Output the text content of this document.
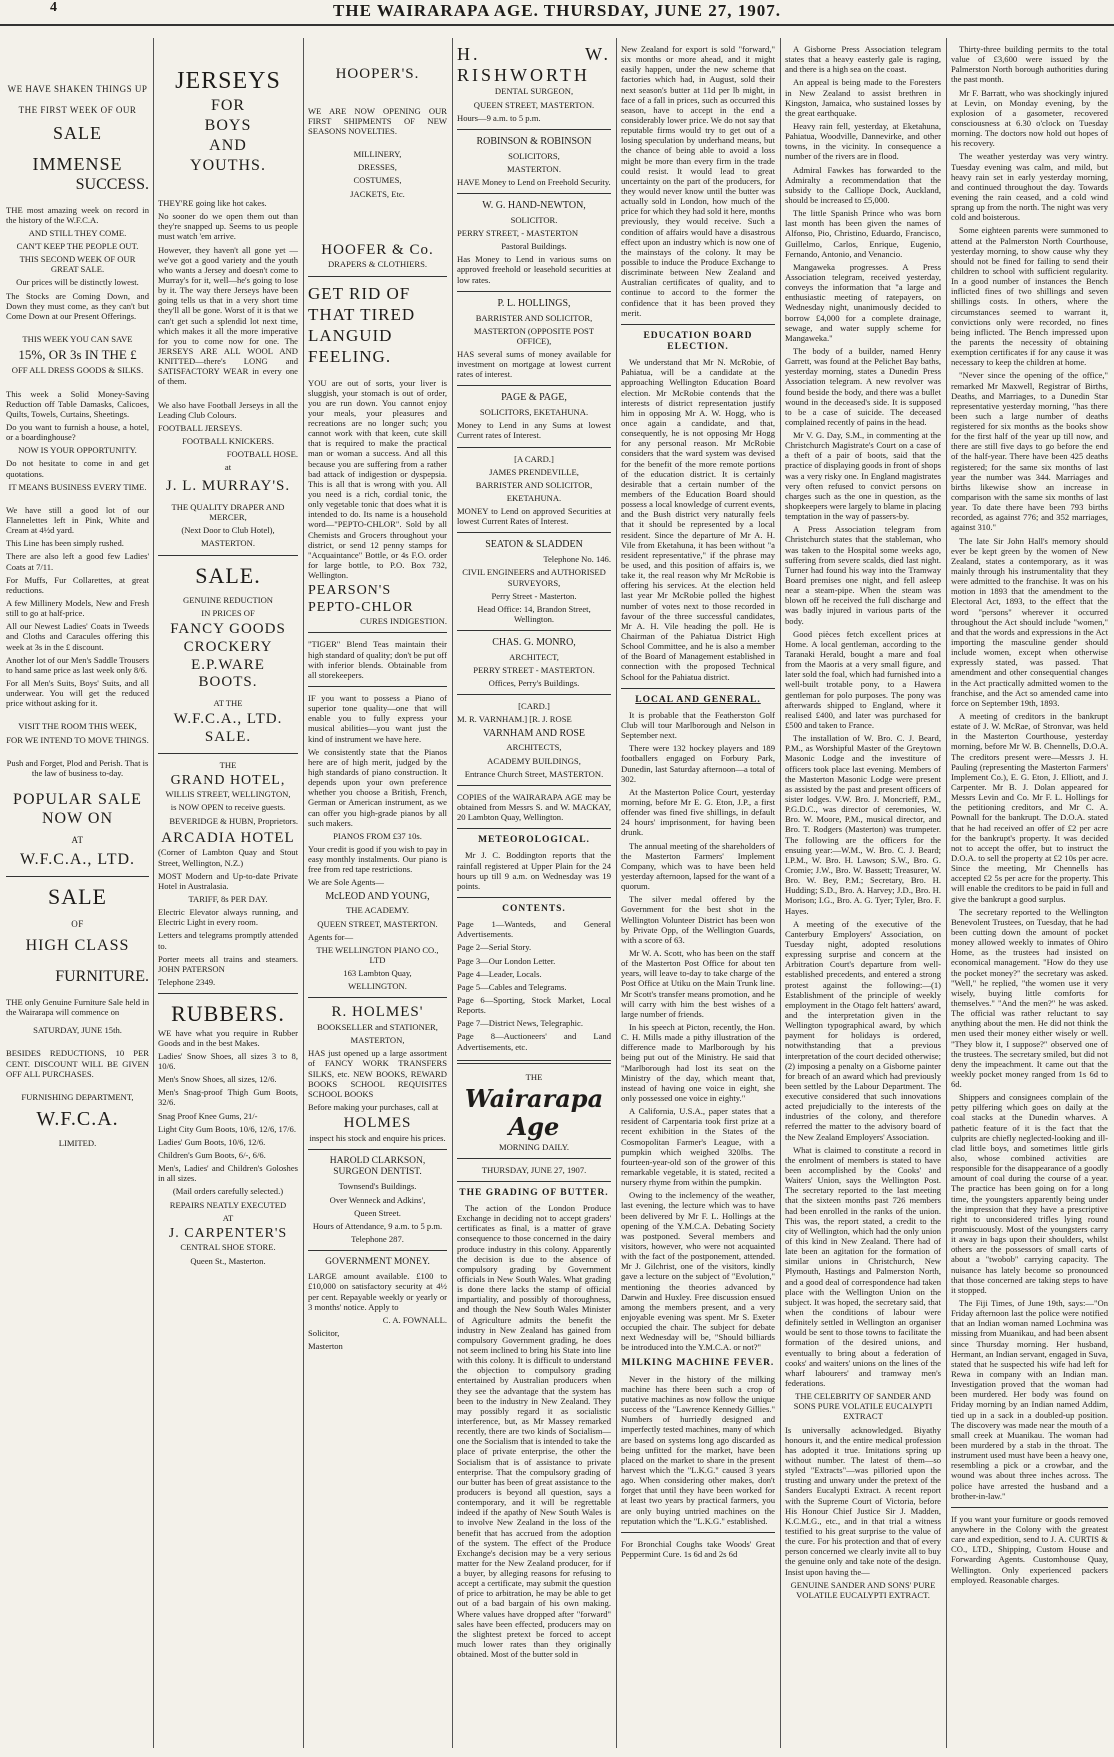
4	THE WAIRARAPA AGE. THURSDAY, JUNE 27, 1907.
WE HAVE SHAKEN THINGS UP
THE FIRST WEEK OF OUR
SALE
IMMENSE
SUCCESS.

THE most amazing week on record in the history of the W.F.C.A.

AND STILL THEY COME.

CAN'T KEEP THE PEOPLE OUT.

THIS SECOND WEEK OF OUR GREAT SALE.

Our prices will be distinctly lowest.

The Stocks are Coming Down, and Down they must come, as they can't but Come Down at our Present Offerings.

THIS WEEK YOU CAN SAVE

15%, OR 3s IN THE £

OFF ALL DRESS GOODS & SILKS.

This week a Solid Money-Saving Reduction off Table Damasks, Calicoes, Quilts, Towels, Curtains, Sheetings.

Do you want to furnish a house, a hotel, or a boardinghouse?

NOW IS YOUR OPPORTUNITY.

Do not hesitate to come in and get quotations.

IT MEANS BUSINESS EVERY TIME.

We have still a good lot of our Flannelettes left in Pink, White and Cream at 4½d yard.

This Line has been simply rushed.

There are also left a good few Ladies' Coats at 7/11.

For Muffs, Fur Collarettes, at great reductions.

A few Millinery Models, New and Fresh still to go at half-price.

All our Newest Ladies' Coats in Tweeds and Cloths and Caracules offering this week at 3s in the £ discount.

Another lot of our Men's Saddle Trousers to hand same price as last week only 8/6.

For all Men's Suits, Boys' Suits, and all underwear. You will get the reduced price without asking for it.

VISIT THE ROOM THIS WEEK,

FOR WE INTEND TO MOVE THINGS.

Push and Forget, Plod and Perish. That is the law of business to-day.

POPULAR SALE
NOW ON
AT
W.F.C.A., LTD.
SALE
OF
HIGH CLASS
FURNITURE.

THE only Genuine Furniture Sale held in the Wairarapa will commence on

SATURDAY, JUNE 15th.

BESIDES REDUCTIONS, 10 PER CENT. DISCOUNT WILL BE GIVEN OFF ALL PURCHASES.

FURNISHING DEPARTMENT,

W.F.C.A.

LIMITED.

JERSEYS
FOR
BOYS
AND
YOUTHS.

THEY'RE going like hot cakes.

No sooner do we open them out than they're snapped up. Seems to us people must watch 'em arrive.

However, they haven't all gone yet —we've got a good variety and the youth who wants a Jersey and doesn't come to Murray's for it, well—he's going to lose by it. The way there Jerseys have been going tells us that in a very short time they'll all be gone. Worst of it is that we can't get such a splendid lot next time, which makes it all the more imperative for you to come now for one. The JERSEYS ARE ALL WOOL AND KNITTED—there's LONG and SATISFACTORY WEAR in every one of them.

We also have Football Jerseys in all the Leading Club Colours.

FOOTBALL JERSEYS.

FOOTBALL KNICKERS.

FOOTBALL HOSE.

at

J. L. MURRAY'S.

THE QUALITY DRAPER AND MERCER,

(Next Door to Club Hotel),

MASTERTON.

SALE.

GENUINE REDUCTION

IN PRICES OF

FANCY GOODS
CROCKERY
E.P.WARE
BOOTS.

AT THE

W.F.C.A., LTD.
SALE.

THE

GRAND HOTEL,

WILLIS STREET, WELLINGTON,

is NOW OPEN to receive guests.

BEVERIDGE & HUBN, Proprietors.

ARCADIA HOTEL

(Corner of Lambton Quay and Stout Street, Wellington, N.Z.)

MOST Modern and Up-to-date Private Hotel in Australasia.

TARIFF, 8s PER DAY.

Electric Elevator always running, and Electric Light in every room.

Letters and telegrams promptly attended to.

Porter meets all trains and steamers. JOHN PATERSON

Telephone 2349.

RUBBERS.

WE have what you require in Rubber Goods and in the best Makes.

Ladies' Snow Shoes, all sizes 3 to 8, 10/6.

Men's Snow Shoes, all sizes, 12/6.

Men's Snag-proof Thigh Gum Boots, 32/6.

Snag Proof Knee Gums, 21/-

Light City Gum Boots, 10/6, 12/6, 17/6.

Ladies' Gum Boots, 10/6, 12/6.

Children's Gum Boots, 6/-, 6/6.

Men's, Ladies' and Children's Goloshes in all sizes.

(Mail orders carefully selected.)

REPAIRS NEATLY EXECUTED

AT

J. CARPENTER'S

CENTRAL SHOE STORE.

Queen St., Masterton.

HOOPER'S.

WE ARE NOW OPENING OUR FIRST SHIPMENTS OF NEW SEASONS NOVELTIES.

MILLINERY,

DRESSES,

COSTUMES,

JACKETS, Etc.

HOOFER & Co.

DRAPERS & CLOTHIERS.

GET RID OF
THAT TIRED
LANGUID
FEELING.

YOU are out of sorts, your liver is sluggish, your stomach is out of order, you are run down. You cannot enjoy your meals, your pleasures and recreations are no longer such; you cannot work with that keen, cute skill that is required to make the practical man or woman a success. And all this because you are suffering from a rather bad attack of indigestion or dyspepsia. This is all that is wrong with you. All you need is a rich, cordial tonic, the only vegetable tonic that does what it is intended to do. Its name is a household word—"PEPTO-CHLOR". Sold by all Chemists and Grocers throughout your district, or send 12 penny stamps for "Acquaintance" Bottle, or 4s F.O. order for large bottle, to P.O. Box 732, Wellington.

PEARSON'S
PEPTO-CHLOR

CURES INDIGESTION.

"TIGER" Blend Teas maintain their high standard of quality; don't be put off with inferior blends. Obtainable from all storekeepers.

IF you want to possess a Piano of superior tone quality—one that will enable you to fully express your musical abilities—you want just the kind of instrument we have here.

We consistently state that the Pianos here are of high merit, judged by the high standards of piano construction. It depends upon your own preference whether you choose a British, French, German or American instrument, as we can offer you high-grade pianos by all such makers.

PIANOS FROM £37 10s.

Your credit is good if you wish to pay in easy monthly instalments. Our piano is free from red tape restrictions.

We are Sole Agents—

McLEOD AND YOUNG,

THE ACADEMY.

QUEEN STREET, MASTERTON.

Agents for—

THE WELLINGTON PIANO CO., LTD

163 Lambton Quay,

WELLINGTON.

R. HOLMES'

BOOKSELLER and STATIONER,

MASTERTON,

HAS just opened up a large assortment of FANCY WORK TRANSFERS SILKS, etc. NEW BOOKS, REWARD BOOKS SCHOOL REQUISITES SCHOOL BOOKS

Before making your purchases, call at

HOLMES

inspect his stock and enquire his prices.

HAROLD CLARKSON, SURGEON DENTIST.

Townsend's Buildings.

Over Wenneck and Adkins',

Queen Street.

Hours of Attendance, 9 a.m. to 5 p.m.

Telephone 287.

GOVERNMENT MONEY.

LARGE amount available. £100 to £10,000 on satisfactory security at 4½ per cent. Repayable weekly or yearly or 3 months' notice. Apply to

C. A. FOWNALL.

Solicitor,

Masterton

H. W. RISHWORTH

DENTAL SURGEON,

QUEEN STREET, MASTERTON.

Hours—9 a.m. to 5 p.m.

ROBINSON & ROBINSON

SOLICITORS,

MASTERTON.

HAVE Money to Lend on Freehold Security.

W. G. HAND-NEWTON,

SOLICITOR.

PERRY STREET, - MASTERTON

Pastoral Buildings.

Has Money to Lend in various sums on approved freehold or leasehold securities at low rates.

P. L. HOLLINGS,

BARRISTER AND SOLICITOR,

MASTERTON (OPPOSITE POST OFFICE),

HAS several sums of money available for investment on mortgage at lowest current rates of interest.

PAGE & PAGE,

SOLICITORS, EKETAHUNA.

Money to Lend in any Sums at lowest Current rates of Interest.

[A CARD.]

JAMES PRENDEVILLE,

BARRISTER AND SOLICITOR,

EKETAHUNA.

MONEY to Lend on approved Securities at lowest Current Rates of Interest.

SEATON & SLADDEN

Telephone No. 146.

CIVIL ENGINEERS and AUTHORISED SURVEYORS,

Perry Street - Masterton.

Head Office: 14, Brandon Street, Wellington.

CHAS. G. MONRO,

ARCHITECT,

PERRY STREET - MASTERTON.

Offices, Perry's Buildings.

[CARD.]

M. R. VARNHAM.] [R. J. ROSE

VARNHAM AND ROSE

ARCHITECTS,

ACADEMY BUILDINGS,

Entrance Church Street, MASTERTON.

COPIES of the WAIRARAPA AGE may be obtained from Messrs S. and W. MACKAY, 20 Lambton Quay, Wellington.

METEOROLOGICAL.

Mr J. C. Boddington reports that the rainfall registered at Upper Plain for the 24 hours up till 9 a.m. on Wednesday was 19 points.

CONTENTS.

Page 1—Wanteds, and General Advertisements.

Page 2—Serial Story.

Page 3—Our London Letter.

Page 4—Leader, Locals.

Page 5—Cables and Telegrams.

Page 6—Sporting, Stock Market, Local Reports.

Page 7—District News, Telegraphic.

Page 8—Auctioneers' and Land Advertisements, etc.

THE

Wairarapa Age

MORNING DAILY.

THURSDAY, JUNE 27, 1907.

THE GRADING OF BUTTER.

The action of the London Produce Exchange in deciding not to accept graders' certificates as final, is a matter of grave consequence to those concerned in the dairy produce industry in this colony. Apparently the decision is due to the absence of compulsory grading by Government officials in New South Wales. What grading is done there lacks the stamp of official impartiality, and possibly of thoroughness, and though the New South Wales Minister of Agriculture admits the benefit the industry in New Zealand has gained from compulsory Government grading, he does not seem inclined to bring his State into line with this colony. It is difficult to understand the objection to compulsory grading entertained by Australian producers when they see the advantage that the system has been to the industry in New Zealand. They may possibly regard it as socialistic interference, but, as Mr Massey remarked recently, there are two kinds of Socialism—one the Socialism that is intended to take the place of private enterprise, the other the Socialism that is of assistance to private enterprise. That the compulsory grading of our butter has been of great assistance to the producers is beyond all question, says a contemporary, and it will be regrettable indeed if the apathy of New South Wales is to involve New Zealand in the loss of the benefit that has accrued from the adoption of the system. The effect of the Produce Exchange's decision may be a very serious matter for the New Zealand producer, for if a buyer, by alleging reasons for refusing to accept a certificate, may submit the question of price to arbitration, he may be able to get out of a bad bargain of his own making. Where values have dropped after "forward" sales have been effected, producers may on the slightest pretext be forced to accept much lower rates than they originally obtained. Most of the butter sold in

New Zealand for export is sold "forward," six months or more ahead, and it might easily happen, under the new scheme that factories which had, in August, sold their next season's butter at 11d per lb might, in face of a fall in prices, such as occurred this season, have to accept in the end a considerably lower price. We do not say that reputable firms would try to get out of a losing speculation by underhand means, but the chance of being able to avoid a loss might be more than every firm in the trade could resist. It would lead to great uncertainty on the part of the producers, for they would never know until the butter was actually sold in London, how much of the price for which they had sold it here, months previously, they would receive. Such a condition of affairs would have a disastrous effect upon an industry which is now one of the mainstays of the colony. It may be possible to induce the Produce Exchange to discriminate between New Zealand and Australian certificates of quality, and to continue to accord to the former the confidence that it has been proved they merit.

EDUCATION BOARD ELECTION.

We understand that Mr N. McRobie, of Pahiatua, will be a candidate at the approaching Wellington Education Board election. Mr McRobie contends that the interests of district representation justify him in opposing Mr A. W. Hogg, who is once again a candidate, and that, consequently, he is not opposing Mr Hogg for any personal reason. Mr McRobie considers that the ward system was devised for the benefit of the more remote portions of the education district. It is certainly desirable that a certain number of the members of the Education Board should possess a local knowledge of current events, and the Bush district very naturally feels that it should be represented by a local resident. Since the departure of Mr A. H. Vile from Eketahuna, it has been without "a resident representative," if the phrase may be used, and this position of affairs is, we take it, the real reason why Mr McRobie is offering his services. At the election held last year Mr McRobie polled the highest number of votes next to those recorded in favour of the three successful candidates, Mr A. H. Vile heading the poll. He is Chairman of the Pahiatua District High School Committee, and he is also a member of the Board of Management established in connection with the proposed Technical School for the Pahiatua district.

LOCAL AND GENERAL.

It is probable that the Featherston Golf Club will tour Marlborough and Nelson in September next.

There were 132 hockey players and 189 footballers engaged on Forbury Park, Dunedin, last Saturday afternoon—a total of 302.

At the Masterton Police Court, yesterday morning, before Mr E. G. Eton, J.P., a first offender was fined five shillings, in default 24 hours' imprisonment, for having been drunk.

The annual meeting of the shareholders of the Masterton Farmers' Implement Company, which was to have been held yesterday afternoon, lapsed for the want of a quorum.

The silver medal offered by the Government for the best shot in the Wellington Volunteer District has been won by Private Opp, of the Wellington Guards, with a score of 63.

Mr W. A. Scott, who has been on the staff of the Masterton Post Office for about ten years, will leave to-day to take charge of the Post Office at Utiku on the Main Trunk line. Mr Scott's transfer means promotion, and he will carry with him the best wishes of a large number of friends.

In his speech at Picton, recently, the Hon. C. H. Mills made a pithy illustration of the difference made to Marlborough by his being put out of the Ministry. He said that "Marlborough had lost its seat on the Ministry of the day, which meant that, instead of having one voice in eight, she only possessed one voice in eighty."

A California, U.S.A., paper states that a resident of Carpentaria took first prize at a recent exhibition in the States of the Cosmopolitan Farmer's League, with a pumpkin which weighed 320lbs. The fourteen-year-old son of the grower of this remarkable vegetable, it is stated, recited a nursery rhyme from within the pumpkin.

Owing to the inclemency of the weather, last evening, the lecture which was to have been delivered by Mr F. L. Hollings at the opening of the Y.M.C.A. Debating Society was postponed. Several members and visitors, however, who were not acquainted with the fact of the postponement, attended. Mr J. Gilchrist, one of the visitors, kindly gave a lecture on the subject of "Evolution," mentioning the theories advanced by Darwin and Huxley. Free discussion ensued among the members present, and a very enjoyable evening was spent. Mr S. Exeter occupied the chair. The subject for debate next Wednesday will be, "Should billiards be introduced into the Y.M.C.A. or not?"

MILKING MACHINE FEVER.

Never in the history of the milking machine has there been such a crop of putative machines as now follow the unique success of the "Lawrence Kennedy Gillies." Numbers of hurriedly designed and imperfectly tested machines, many of which are based on systems long ago discarded as being unfitted for the market, have been placed on the market to share in the present harvest which the "L.K.G." caused 3 years ago. When considering other makes, don't forget that until they have been worked for at least two years by practical farmers, you are only buying untried machines on the reputation which the "L.K.G." established.

For Bronchial Coughs take Woods' Great Peppermint Cure. 1s 6d and 2s 6d

A Gisborne Press Association telegram states that a heavy easterly gale is raging, and there is a high sea on the coast.

An appeal is being made to the Foresters in New Zealand to assist brethren in Kingston, Jamaica, who sustained losses by the great earthquake.

Heavy rain fell, yesterday, at Eketahuna, Pahiatua, Woodville, Dannevirke, and other towns, in the vicinity. In consequence a number of the rivers are in flood.

Admiral Fawkes has forwarded to the Admiralty a recommendation that the subsidy to the Calliope Dock, Auckland, should be increased to £5,000.

The little Spanish Prince who was born last month has been given the names of Alfonso, Pio, Christino, Eduardo, Francisco, Guillelmo, Carlos, Enrique, Eugenio, Fernando, Antonio, and Venancio.

Mangaweka progresses. A Press Association telegram, received yesterday, conveys the information that "a large and enthusiastic meeting of ratepayers, on Wednesday night, unanimously decided to borrow £4,000 for a complete drainage, sewage, and water supply scheme for Mangaweka."

The body of a builder, named Henry Garrett, was found at the Pelichet Bay baths, yesterday morning, states a Dunedin Press Association telegram. A new revolver was found beside the body, and there was a bullet wound in the deceased's side. It is supposed to be a case of suicide. The deceased complained recently of pains in the head.

Mr V. G. Day, S.M., in commenting at the Christchurch Magistrate's Court on a case of a theft of a pair of boots, said that the practice of displaying goods in front of shops was a very risky one. In England magistrates very often refused to convict persons on charges such as the one in question, as the shopkeepers were largely to blame in placing temptation in the way of passers-by.

A Press Association telegram from Christchurch states that the stableman, who was taken to the Hospital some weeks ago, suffering from severe scalds, died last night. Turner had found his way into the Tramway Board premises one night, and fell asleep near a steam-pipe. When the steam was blown off he received the full discharge and was badly injured in various parts of the body.

Good pièces fetch excellent prices at Home. A local gentleman, according to the Taranaki Herald, bought a mare and foal from the Maoris at a very small figure, and later sold the foal, which had furnished into a well-built trotable pony, to a Hawera gentleman for polo purposes. The pony was afterwards shipped to England, where it realised £400, and later was purchased for £500 and taken to France.

The installation of W. Bro. C. J. Beard, P.M., as Worshipful Master of the Greytown Masonic Lodge and the investiture of officers took place last evening. Members of the Masterton Masonic Lodge were present as assisted by the past and present officers of sister lodges. V.W. Bro. J. Moncrieff, P.M., P.G.D.C., was director of ceremonies, W. Bro. W. Moore, P.M., musical director, and Bro. T. Rodgers (Masterton) was trumpeter. The following are the officers for the ensuing year:—W.M., W. Bro. C. J. Beard; I.P.M., W. Bro. H. Lawson; S.W., Bro. G. Cromie; J.W., Bro. W. Bassett; Treasurer, W. Bro. W. Bey, P.M.; Secretary, Bro. H. Hudding; S.D., Bro. A. Harvey; J.D., Bro. H. Morison; I.G., Bro. A. G. Tyer; Tyler, Bro. F. Hayes.

A meeting of the executive of the Canterbury Employers' Association, on Tuesday night, adopted resolutions expressing surprise and concern at the Arbitration Court's departure from well-established precedents, and entered a strong protest against the following:—(1) Establishment of the principle of weekly employment in the Otago felt hatters' award, and the interpretation given in the Wellington typographical award, by which payment for holidays is ordered, notwithstanding that a previous interpretation of the court decided otherwise; (2) imposing a penalty on a Gisborne painter for breach of an award which had previously been settled by the Labour Department. The executive considered that such innovations acted prejudicially to the interests of the industries of the colony, and therefore referred the matter to the advisory board of the New Zealand Employers' Association.

What is claimed to constitute a record in the enrolment of members is stated to have been accomplished by the Cooks' and Waiters' Union, says the Wellington Post. The secretary reported to the last meeting that the sixteen months past 726 members had been enrolled in the ranks of the union. This was, the report stated, a credit to the city of Wellington, which had the only union of this kind in New Zealand. There had of late been an agitation for the formation of similar unions in Christchurch, New Plymouth, Hastings and Palmerston North, and a good deal of correspondence had taken place with the Wellington Union on the subject. It was hoped, the secretary said, that when the conditions of labour were definitely settled in Wellington an organiser would be sent to those towns to facilitate the formation of the desired unions, and eventually to bring about a federation of cooks' and waiters' unions on the lines of the wharf labourers' and tramway men's federations.

THE CELEBRITY OF SANDER AND SONS PURE VOLATILE EUCALYPTI EXTRACT

Is universally acknowledged. Biyathy honours it, and the entire medical profession has adopted it true. Imitations spring up without number. The latest of them—so styled "Extracts"—was pilloried upon the trusting and unwary under the pretext of the Sanders Eucalypti Extract. A recent report with the Supreme Court of Victoria, before His Honour Chief Justice Sir J. Madden, K.C.M.G., etc., and in that trial a witness testified to his great surprise to the value of the cure. For his protection and that of every person concerned we clearly invite all to buy the genuine only and take note of the design. Insist upon having the—

GENUINE SANDER AND SONS' PURE VOLATILE EUCALYPTI EXTRACT.

Thirty-three building permits to the total value of £3,600 were issued by the Palmerston North borough authorities during the past month.

Mr F. Barratt, who was shockingly injured at Levin, on Monday evening, by the explosion of a gasometer, recovered consciousness at 6.30 o'clock on Tuesday morning. The doctors now hold out hopes of his recovery.

The weather yesterday was very wintry. Tuesday evening was calm, and mild, but heavy rain set in early yesterday morning, and continued throughout the day. Towards evening the rain ceased, and a cold wind sprang up from the north. The night was very cold and boisterous.

Some eighteen parents were summoned to attend at the Palmerston North Courthouse, yesterday morning, to show cause why they should not be fined for failing to send their children to school with sufficient regularity. In a good number of instances the Bench inflicted fines of two shillings and seven shillings costs. In others, where the circumstances seemed to warrant it, convictions only were recorded, no fines being inflicted. The Bench impressed upon the parents the necessity of obtaining exemption certificates if for any cause it was necessary to keep the children at home.

"Never since the opening of the office," remarked Mr Maxwell, Registrar of Births, Deaths, and Marriages, to a Dunedin Star representative yesterday morning, "has there been such a large number of deaths registered for six months as the books show for the first half of the year up till now, and there are still five days to go before the end of the half-year. There have been 425 deaths registered; for the same six months of last year the number was 344. Marriages and births likewise show an increase in comparison with the same six months of last year. To date there have been 793 births recorded, as against 776; and 352 marriages, against 310."

The late Sir John Hall's memory should ever be kept green by the women of New Zealand, states a contemporary, as it was mainly through his instrumentality that they were admitted to the franchise. It was on his motion in 1893 that the amendment to the Electoral Act, 1893, to the effect that the word "persons" wherever it occurred throughout the Act should include "women," and that the words and expressions in the Act importing the masculine gender should include women, except when otherwise expressly stated, was passed. That amendment and other consequential changes in the Act practically admitted women to the franchise, and the Act so amended came into force on September 19th, 1893.

A meeting of creditors in the bankrupt estate of J. W. McRae, of Stronvar, was held in the Masterton Courthouse, yesterday morning, before Mr W. B. Chennells, D.O.A. The creditors present were—Messrs J. H. Pauling (representing the Masterton Farmers' Implement Co.), E. G. Eton, J. Elliott, and J. Carpenter. Mr B. J. Dolan appeared for Messrs Levin and Co. Mr F. L. Hollings for the petitioning creditors, and Mr C. A. Pownall for the bankrupt. The D.O.A. stated that he had received an offer of £2 per acre for the bankrupt's property. It was decided not to accept the offer, but to instruct the D.O.A. to sell the property at £2 10s per acre. Since the meeting, Mr Chennells has accepted £2 5s per acre for the property. This will enable the creditors to be paid in full and give the bankrupt a good surplus.

The secretary reported to the Wellington Benevolent Trustees, on Tuesday, that he had been cutting down the amount of pocket money allowed weekly to inmates of Ohiro Home, as the trustees had insisted on economical management. "How do they use the pocket money?" the secretary was asked. "Well," he replied, "the women use it very wisely, buying little comforts for themselves." "And the men?" he was asked. The official was rather reluctant to say anything about the men. He did not think the men used their money either wisely or well. "They blow it, I suppose?" observed one of the trustees. The secretary smiled, but did not deny the impeachment. It came out that the weekly pocket money ranged from 1s 6d to 6d.

Shippers and consignees complain of the petty pilfering which goes on daily at the coal stacks at the Dunedin wharves. A pathetic feature of it is the fact that the culprits are chiefly neglected-looking and ill-clad little boys, and sometimes little girls also, whose combined activities are responsible for the disappearance of a goodly amount of coal during the course of a year. The practice has been going on for a long time, the youngsters apparently being under the impression that they have a prescriptive right to unconsidered trifles lying round promiscuously. Most of the youngsters carry it away in bags upon their shoulders, whilst others are the possessors of small carts of about a "twobob" carrying capacity. The nuisance has lately become so pronounced that those concerned are taking steps to have it stopped.

The Fiji Times, of June 19th, says:—"On Friday afternoon last the police were notified that an Indian woman named Lochmina was missing from Muanikau, and had been absent since Thursday morning. Her husband, Hermant, an Indian servant, engaged in Suva, stated that he suspected his wife had left for Rewa in company with an Indian man. Investigation proved that the woman had been murdered. Her body was found on Friday morning by an Indian named Addim, tied up in a sack in a doubled-up position. The discovery was made near the mouth of a small creek at Muanikau. The woman had been murdered by a stab in the throat. The instrument used must have been a heavy one, resembling a pick or a crowbar, and the wound was about three inches across. The police have arrested the husband and a brother-in-law."

If you want your furniture or goods removed anywhere in the Colony with the greatest care and expedition, send to J. A. CURTIS & CO., LTD., Shipping, Custom House and Forwarding Agents. Customhouse Quay, Wellington. Only experienced packers employed. Reasonable charges.
